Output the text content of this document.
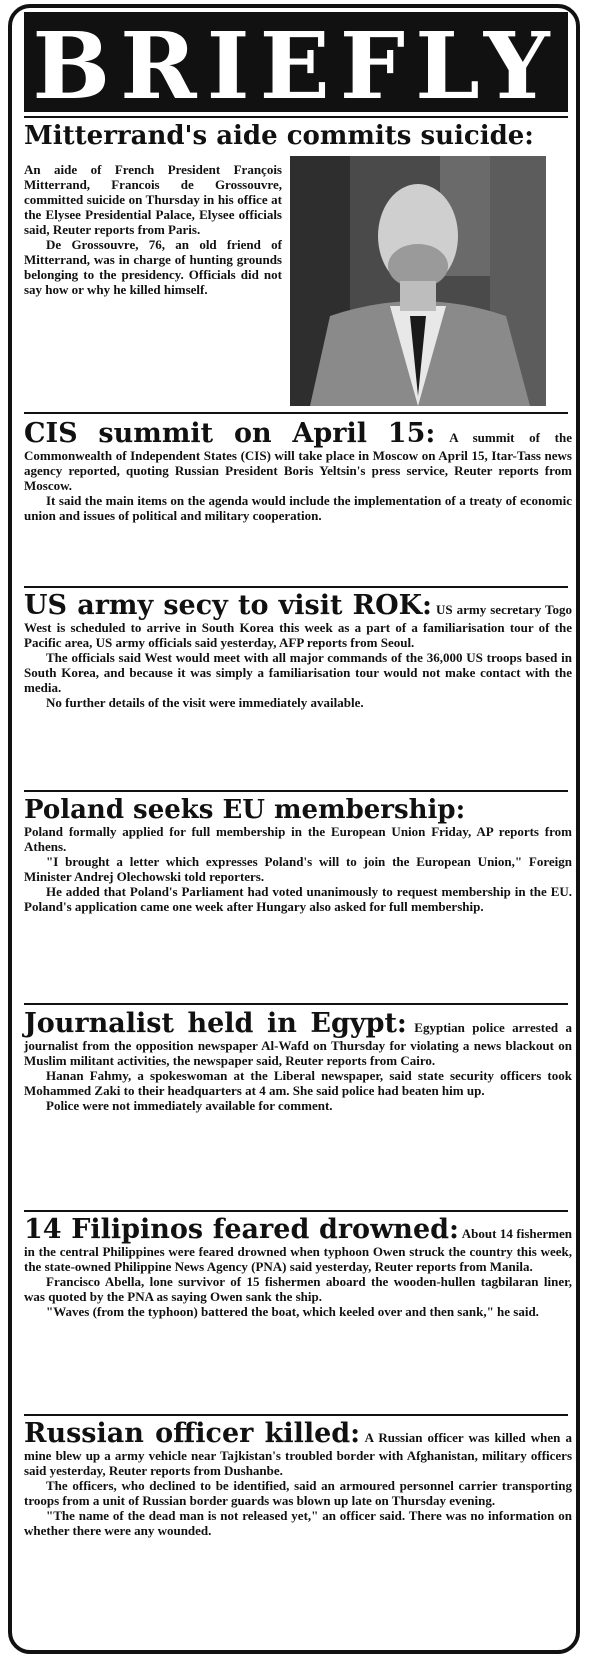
BRIEFLY
Mitterrand's aide commits suicide:

An aide of French President François Mitterrand, Francois de Grossouvre, committed suicide on Thursday in his office at the Elysee Presidential Palace, Elysee officials said, Reuter reports from Paris.

De Grossouvre, 76, an old friend of Mitterrand, was in charge of hunting grounds belonging to the presidency. Officials did not say how or why he killed himself.

CIS summit on April 15: A summit of the Commonwealth of Independent States (CIS) will take place in Moscow on April 15, Itar-Tass news agency reported, quoting Russian President Boris Yeltsin's press service, Reuter reports from Moscow.

It said the main items on the agenda would include the implementation of a treaty of economic union and issues of political and military cooperation.

US army secy to visit ROK: US army secretary Togo West is scheduled to arrive in South Korea this week as a part of a familiarisation tour of the Pacific area, US army officials said yesterday, AFP reports from Seoul.

The officials said West would meet with all major commands of the 36,000 US troops based in South Korea, and because it was simply a familiarisation tour would not make contact with the media.

No further details of the visit were immediately available.

Poland seeks EU membership:

Poland formally applied for full membership in the European Union Friday, AP reports from Athens.

"I brought a letter which expresses Poland's will to join the European Union," Foreign Minister Andrej Olechowski told reporters.

He added that Poland's Parliament had voted unanimously to request membership in the EU. Poland's application came one week after Hungary also asked for full membership.

Journalist held in Egypt: Egyptian police arrested a journalist from the opposition newspaper Al-Wafd on Thursday for violating a news blackout on Muslim militant activities, the newspaper said, Reuter reports from Cairo.

Hanan Fahmy, a spokeswoman at the Liberal newspaper, said state security officers took Mohammed Zaki to their headquarters at 4 am. She said police had beaten him up.

Police were not immediately available for comment.

14 Filipinos feared drowned: About 14 fishermen in the central Philippines were feared drowned when typhoon Owen struck the country this week, the state-owned Philippine News Agency (PNA) said yesterday, Reuter reports from Manila.

Francisco Abella, lone survivor of 15 fishermen aboard the wooden-hullen tagbilaran liner, was quoted by the PNA as saying Owen sank the ship.

"Waves (from the typhoon) battered the boat, which keeled over and then sank," he said.

Russian officer killed: A Russian officer was killed when a mine blew up a army vehicle near Tajkistan's troubled border with Afghanistan, military officers said yesterday, Reuter reports from Dushanbe.

The officers, who declined to be identified, said an armoured personnel carrier transporting troops from a unit of Russian border guards was blown up late on Thursday evening.

"The name of the dead man is not released yet," an officer said. There was no information on whether there were any wounded.
